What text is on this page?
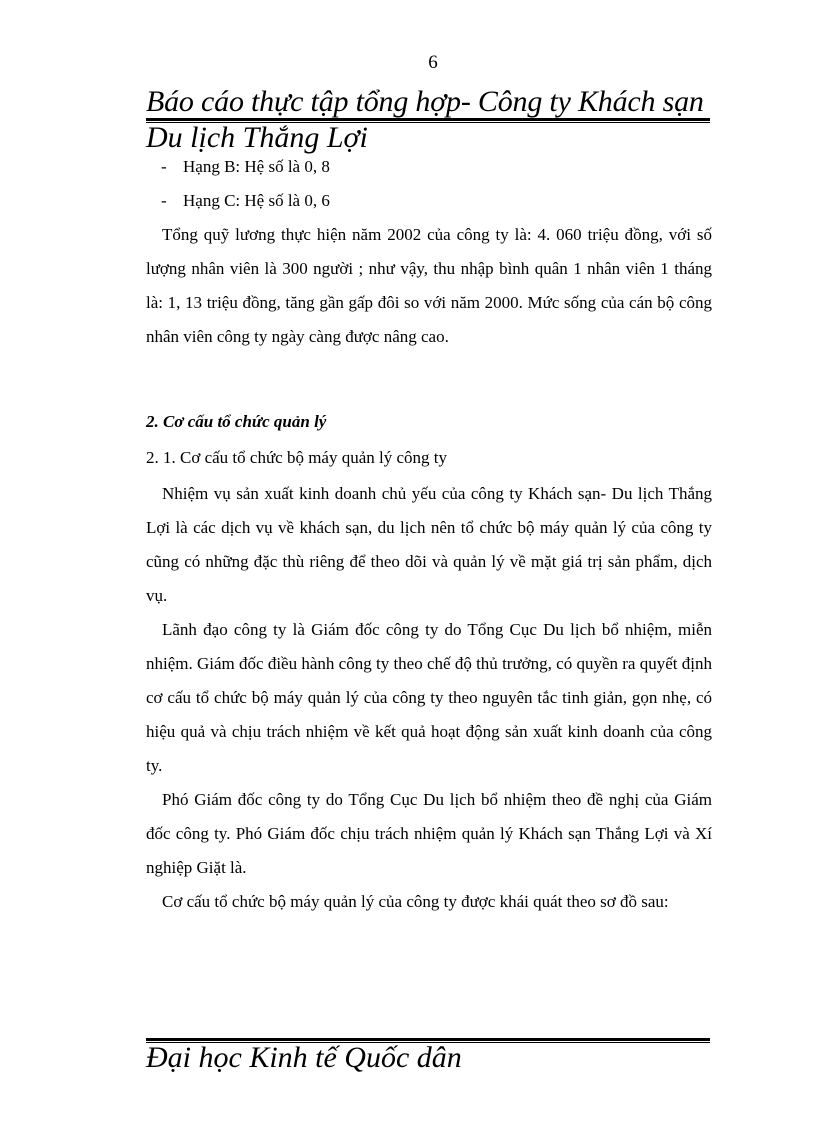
6
Báo cáo thực tập tổng hợp- Công ty Khách sạn
Du lịch Thắng Lợi
- Hạng B: Hệ số là 0, 8
- Hạng C: Hệ số là 0, 6

Tổng quỹ lương thực hiện năm 2002 của công ty là: 4. 060 triệu đồng, với số lượng nhân viên là 300 người ; như vậy, thu nhập bình quân 1 nhân viên 1 tháng là: 1, 13 triệu đồng, tăng gần gấp đôi so với năm 2000. Mức sống của cán bộ công nhân viên công ty ngày càng được nâng cao.

2. Cơ cấu tổ chức quản lý
2. 1. Cơ cấu tổ chức bộ máy quản lý công ty

Nhiệm vụ sản xuất kinh doanh chủ yếu của công ty Khách sạn- Du lịch Thắng Lợi là các dịch vụ về khách sạn, du lịch nên tổ chức bộ máy quản lý của công ty cũng có những đặc thù riêng để theo dõi và quản lý về mặt giá trị sản phẩm, dịch vụ.

Lãnh đạo công ty là Giám đốc công ty do Tổng Cục Du lịch bổ nhiệm, miễn nhiệm. Giám đốc điều hành công ty theo chế độ thủ trưởng, có quyền ra quyết định cơ cấu tổ chức bộ máy quản lý của công ty theo nguyên tắc tinh giản, gọn nhẹ, có hiệu quả và chịu trách nhiệm về kết quả hoạt động sản xuất kinh doanh của công ty.

Phó Giám đốc công ty do Tổng Cục Du lịch bổ nhiệm theo đề nghị của Giám đốc công ty. Phó Giám đốc chịu trách nhiệm quản lý Khách sạn Thắng Lợi và Xí nghiệp Giặt là.

Cơ cấu tổ chức bộ máy quản lý của công ty được khái quát theo sơ đồ sau:

Đại học Kinh tế Quốc dân
